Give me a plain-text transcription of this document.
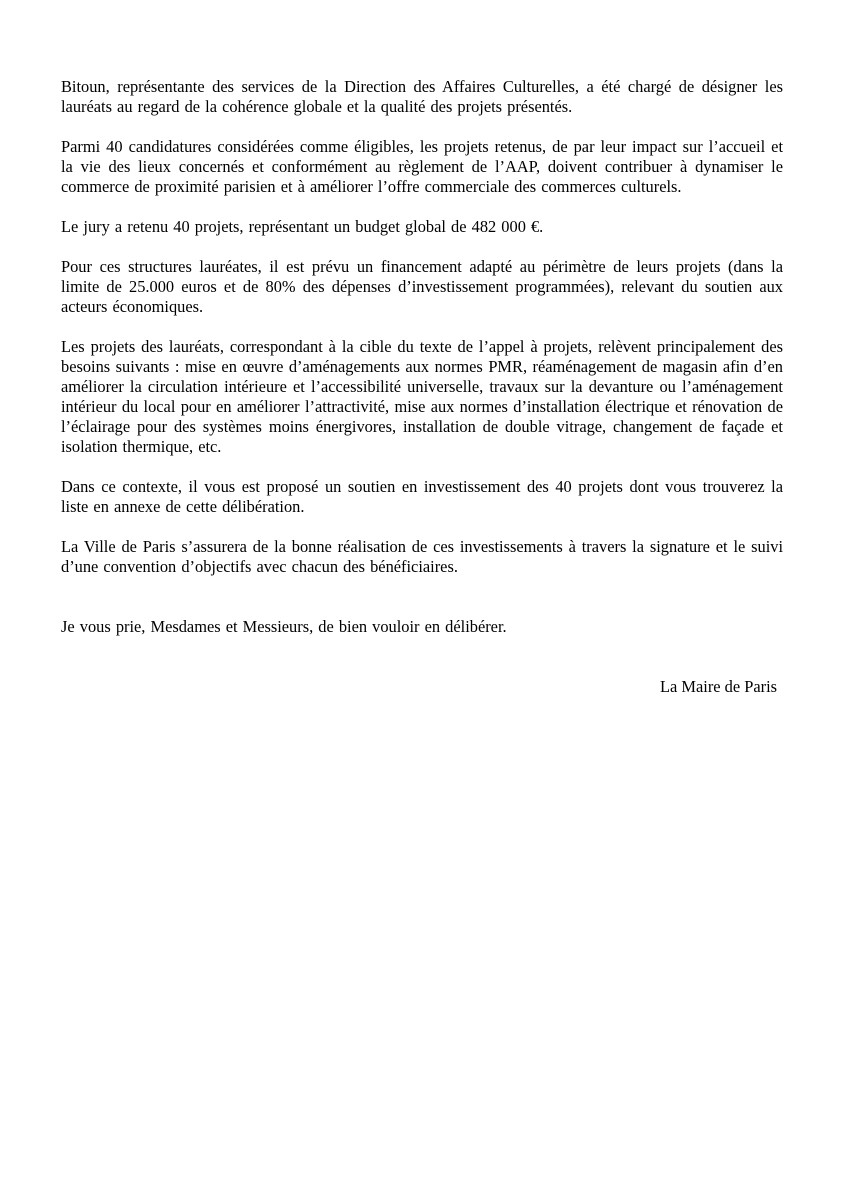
Bitoun, représentante des services de la Direction des Affaires Culturelles, a été chargé de désigner les lauréats au regard de la cohérence globale et la qualité des projets présentés.

Parmi 40 candidatures considérées comme éligibles, les projets retenus, de par leur impact sur l’accueil et la vie des lieux concernés et conformément au règlement de l’AAP, doivent contribuer à dynamiser le commerce de proximité parisien et à améliorer l’offre commerciale des commerces culturels.

Le jury a retenu 40 projets, représentant un budget global de 482 000 €.

Pour ces structures lauréates, il est prévu un financement adapté au périmètre de leurs projets (dans la limite de 25.000 euros et de 80% des dépenses d’investissement programmées), relevant du soutien aux acteurs économiques.

Les projets des lauréats, correspondant à la cible du texte de l’appel à projets, relèvent principalement des besoins suivants : mise en œuvre d’aménagements aux normes PMR, réaménagement de magasin afin d’en améliorer la circulation intérieure et l’accessibilité universelle, travaux sur la devanture ou l’aménagement intérieur du local pour en améliorer l’attractivité, mise aux normes d’installation électrique et rénovation de l’éclairage pour des systèmes moins énergivores, installation de double vitrage, changement de façade et isolation thermique, etc.

Dans ce contexte, il vous est proposé un soutien en investissement des 40 projets dont vous trouverez la liste en annexe de cette délibération.

La Ville de Paris s’assurera de la bonne réalisation de ces investissements à travers la signature et le suivi d’une convention d’objectifs avec chacun des bénéficiaires.

Je vous prie, Mesdames et Messieurs, de bien vouloir en délibérer.

La Maire de Paris
